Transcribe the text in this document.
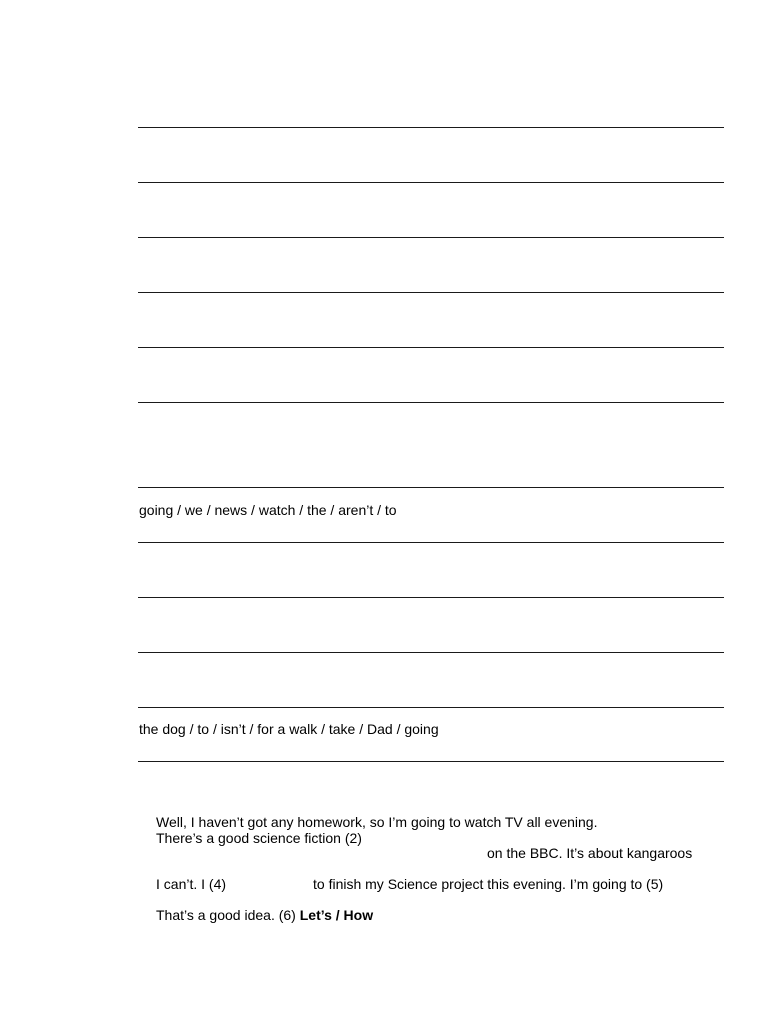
going / we / news / watch / the / aren’t / to
the dog / to / isn’t / for a walk / take / Dad / going
Well, I haven’t got any homework, so I’m going to watch TV all evening.
There’s a good science fiction (2)
on the BBC. It’s about kangaroos
I can’t. I (4)	to finish my Science project this evening. I’m going to (5)
That’s a good idea. (6) Let’s / How
